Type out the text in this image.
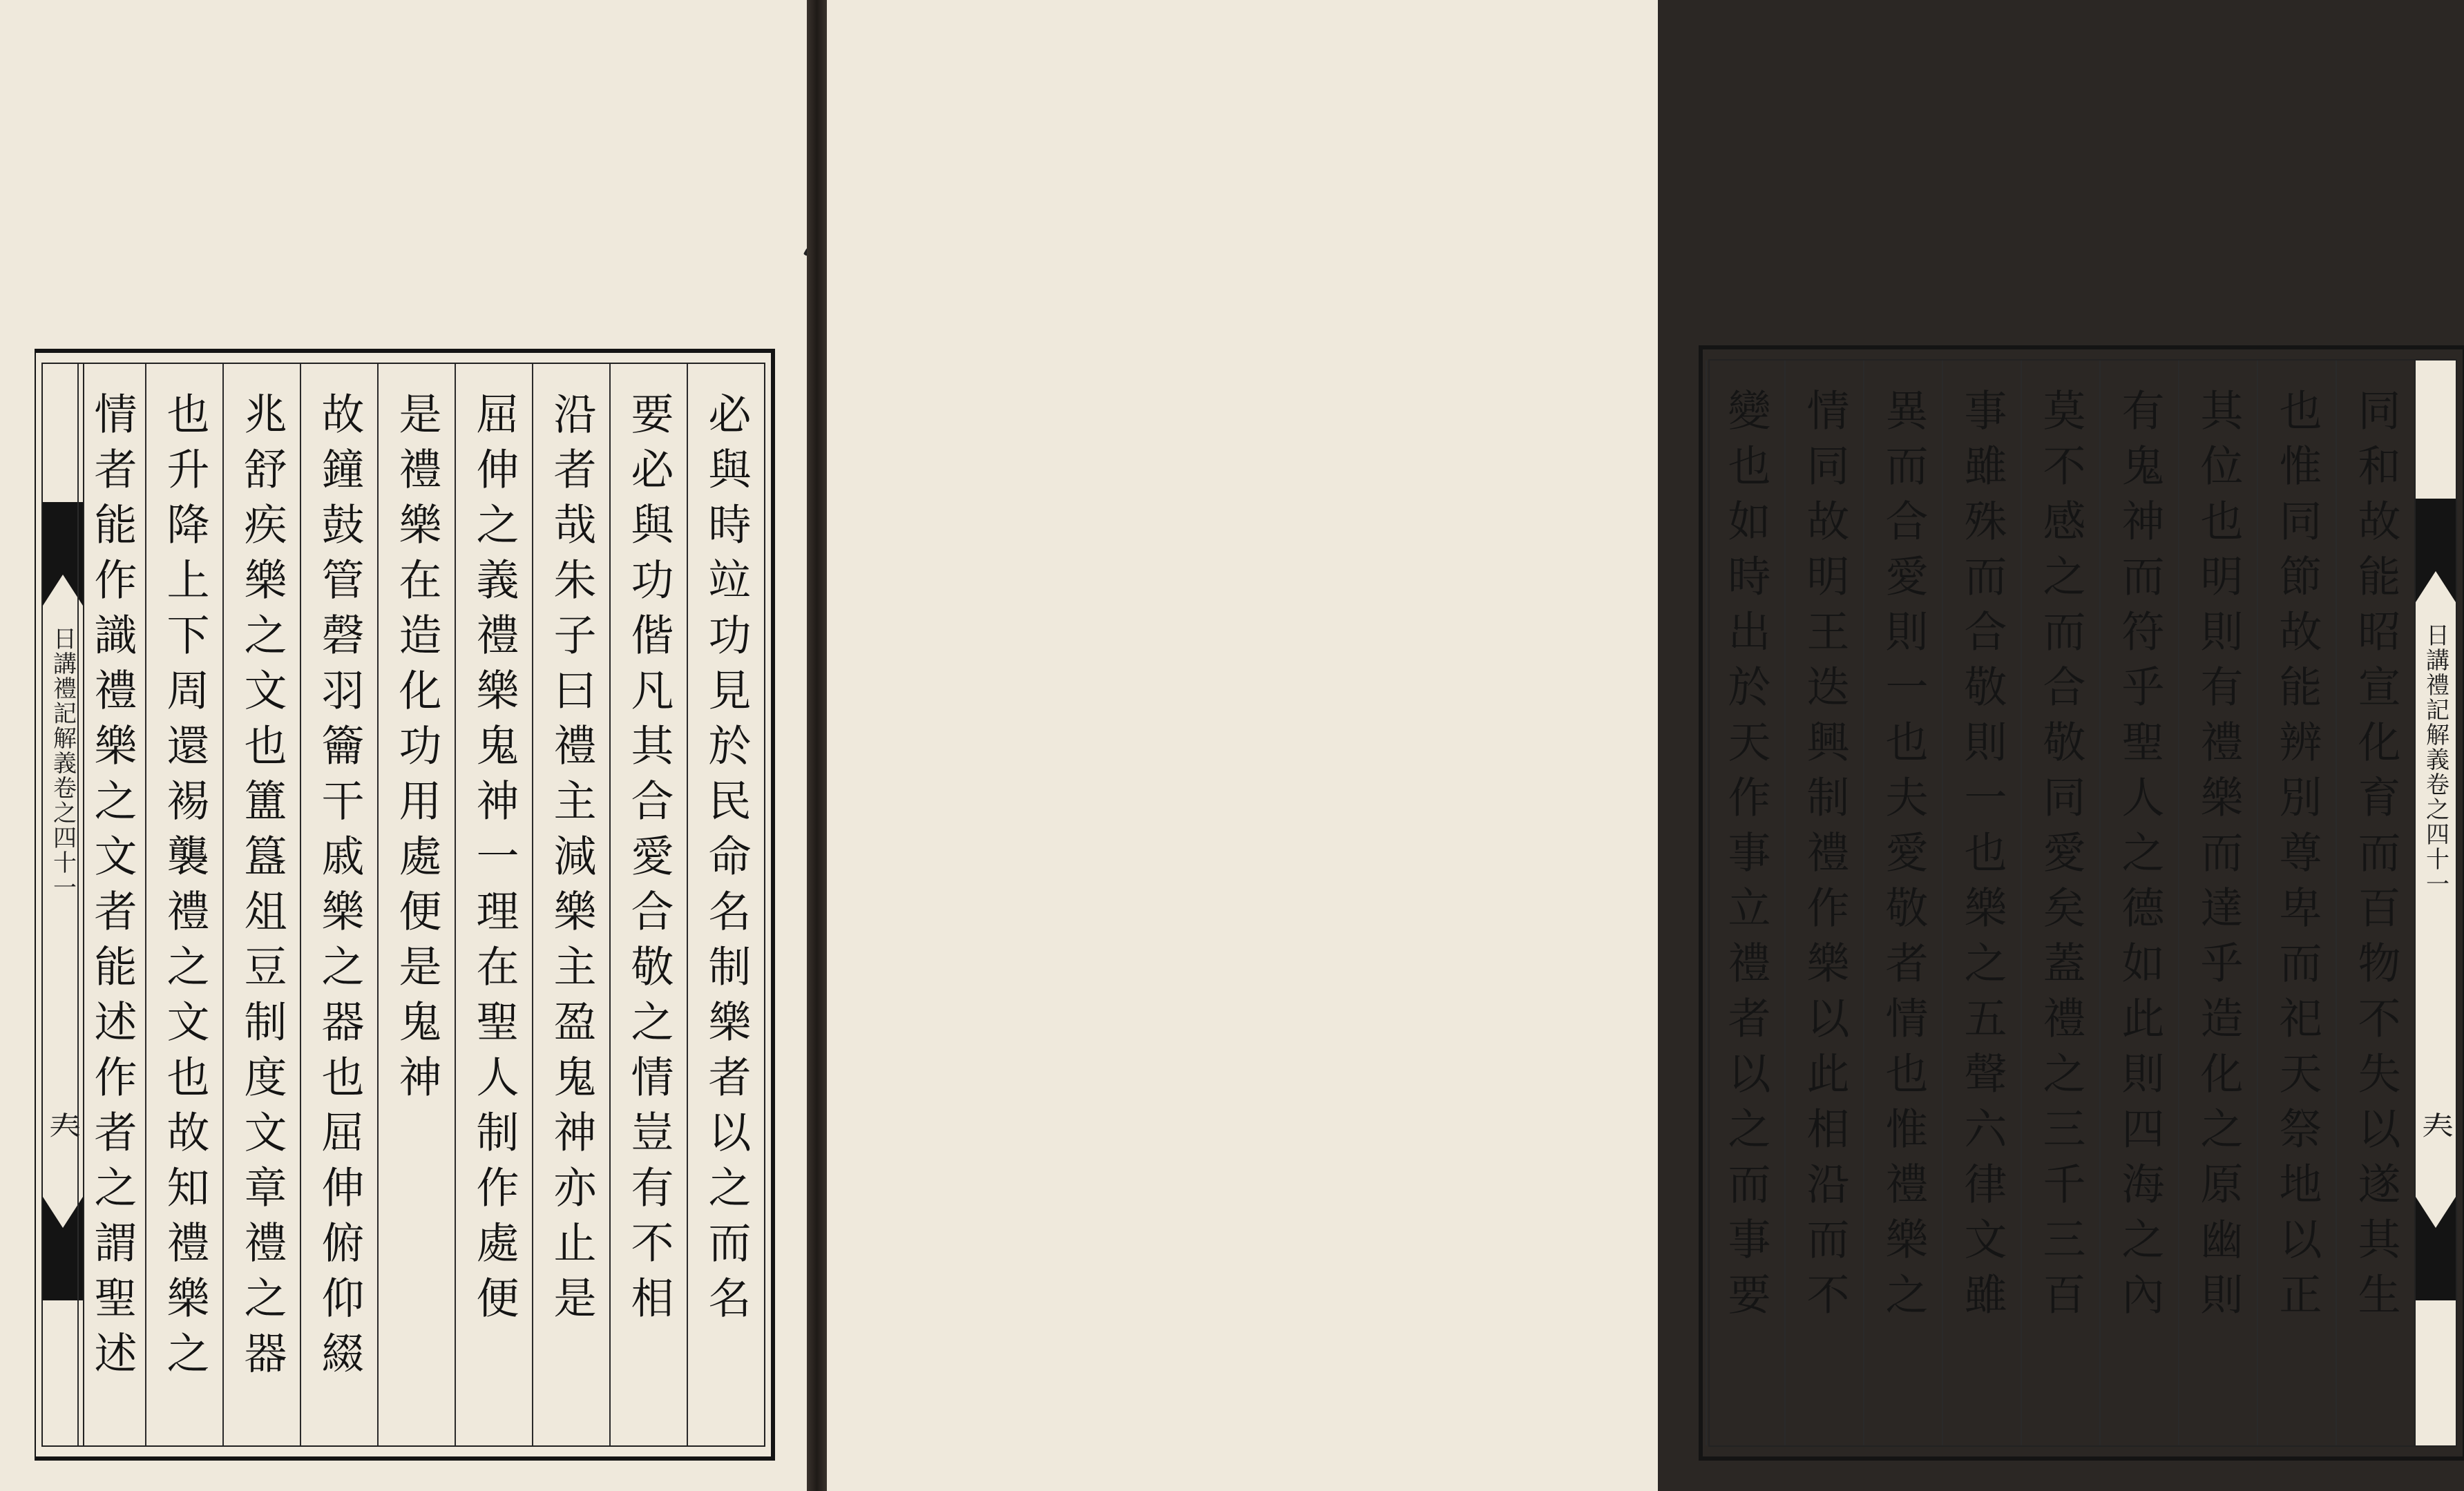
日講禮記解義卷之四十一
𡗗	必與時竝功見於民命名制樂者以之而名
要必與功偕凡其合愛合敬之情豈有不相
沿者哉朱子曰禮主減樂主盈鬼神亦止是
屈伸之義禮樂鬼神一理在聖人制作處便
是禮樂在造化功用處便是鬼神
故鐘鼓管磬羽籥干戚樂之器也屈伸俯仰綴
兆舒疾樂之文也簠簋俎豆制度文章禮之器
也升降上下周還裼襲禮之文也故知禮樂之
情者能作識禮樂之文者能述作者之謂聖述	日講禮記解義卷之四十一
𡗗
同和故能昭宣化育而百物不失以遂其生
也惟同節故能辨別尊卑而祀天祭地以正
其位也明則有禮樂而達乎造化之原幽則
有鬼神而符乎聖人之德如此則四海之內
莫不感之而合敬同愛矣蓋禮之三千三百
事雖殊而合敬則一也樂之五聲六律文雖
異而合愛則一也夫愛敬者情也惟禮樂之
情同故明王迭興制禮作樂以此相沿而不
變也如時出於天作事立禮者以之而事要
